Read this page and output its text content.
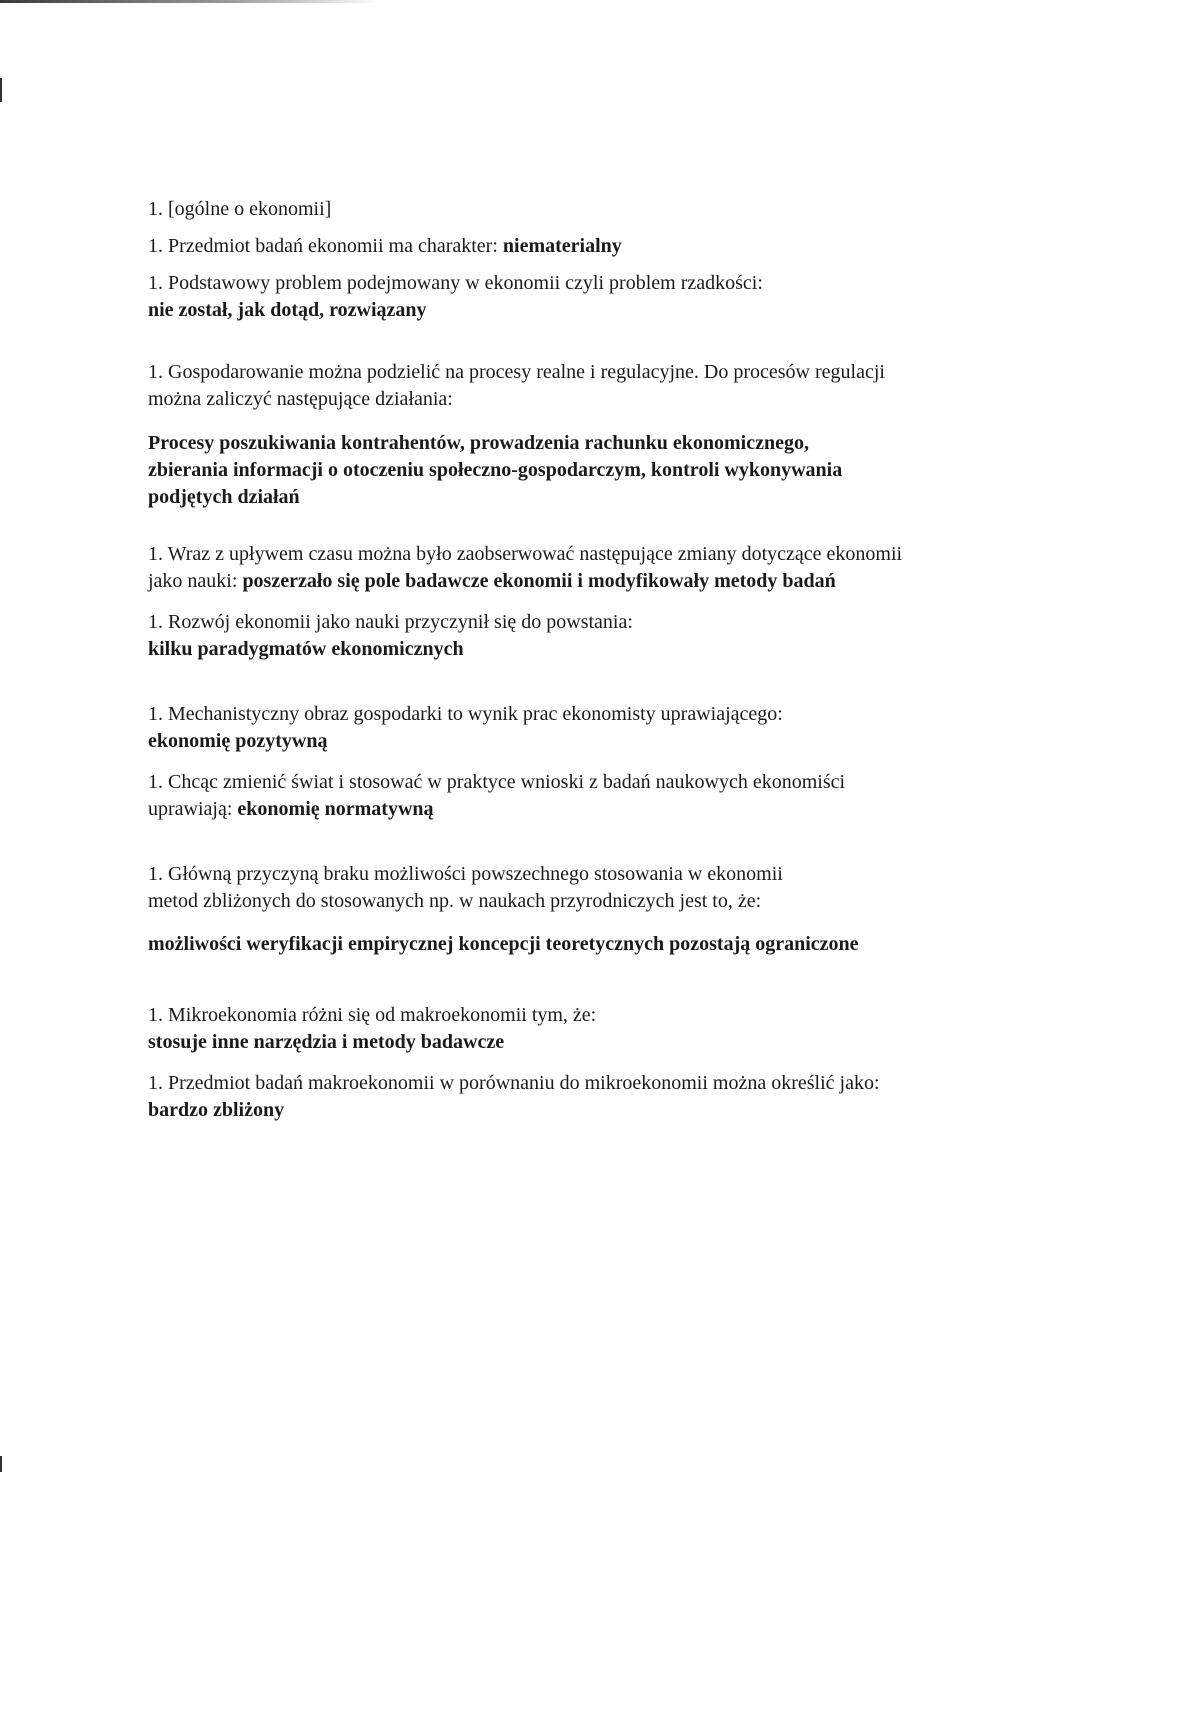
1. [ogólne o ekonomii]
1. Przedmiot badań ekonomii ma charakter: niematerialny
1. Podstawowy problem podejmowany w ekonomii czyli problem rzadkości:
nie został, jak dotąd, rozwiązany
1. Gospodarowanie można podzielić na procesy realne i regulacyjne. Do procesów regulacji
można zaliczyć następujące działania:
Procesy poszukiwania kontrahentów, prowadzenia rachunku ekonomicznego,
zbierania informacji o otoczeniu społeczno-gospodarczym, kontroli wykonywania
podjętych działań
1. Wraz z upływem czasu można było zaobserwować następujące zmiany dotyczące ekonomii
jako nauki: poszerzało się pole badawcze ekonomii i modyfikowały metody badań
1. Rozwój ekonomii jako nauki przyczynił się do powstania:
kilku paradygmatów ekonomicznych
1. Mechanistyczny obraz gospodarki to wynik prac ekonomisty uprawiającego:
ekonomię pozytywną
1. Chcąc zmienić świat i stosować w praktyce wnioski z badań naukowych ekonomiści
uprawiają: ekonomię normatywną
1. Główną przyczyną braku możliwości powszechnego stosowania w ekonomii
metod zbliżonych do stosowanych np. w naukach przyrodniczych jest to, że:
możliwości weryfikacji empirycznej koncepcji teoretycznych pozostają ograniczone
1. Mikroekonomia różni się od makroekonomii tym, że:
stosuje inne narzędzia i metody badawcze
1. Przedmiot badań makroekonomii w porównaniu do mikroekonomii można określić jako:
bardzo zbliżony
